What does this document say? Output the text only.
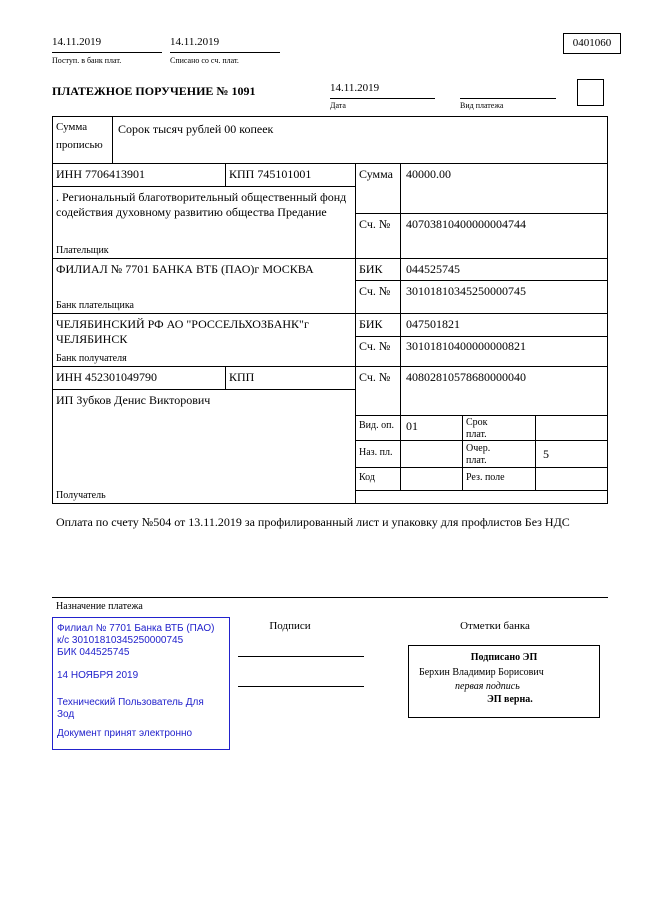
14.11.2019
Поступ. в банк плат.
14.11.2019
Списано со сч. плат.
0401060
ПЛАТЕЖНОЕ ПОРУЧЕНИЕ № 1091	14.11.2019
Дата	Вид платежа
Сумма
прописью
Сорок тысяч рублей 00 копеек
ИНН 7706413901	КПП 745101001	Сумма 40000.00
. Региональный благотворительный общественный фонд содействия духовному развитию общества Предание
Сч. № 40703810400000004744
Плательщик
ФИЛИАЛ № 7701 БАНКА ВТБ (ПАО)г МОСКВА	БИК 044525745
Сч. № 30101810345250000745
Банк плательщика
ЧЕЛЯБИНСКИЙ РФ АО "РОССЕЛЬХОЗБАНК"г ЧЕЛЯБИНСК
БИК 047501821
Сч. № 30101810400000000821
Банк получателя
ИНН 452301049790	КПП	Сч. № 40802810578680000040
ИП Зубков Денис Викторович
Получатель
Вид. оп. 01	Срок плат.
Наз. пл.	Очер. плат.	5
Код	Рез. поле
Оплата по счету №504 от 13.11.2019 за профилированный лист и упаковку для профлистов Без НДС
Назначение платежа
Филиал № 7701 Банка ВТБ (ПАО)
к/с 30101810345250000745
БИК 044525745
14 НОЯБРЯ 2019
Технический Пользователь Для Зод
Документ принят электронно
Подписи	Отметки банка
Подписано ЭП
Берхин Владимир Борисович
первая подпись
ЭП верна.
